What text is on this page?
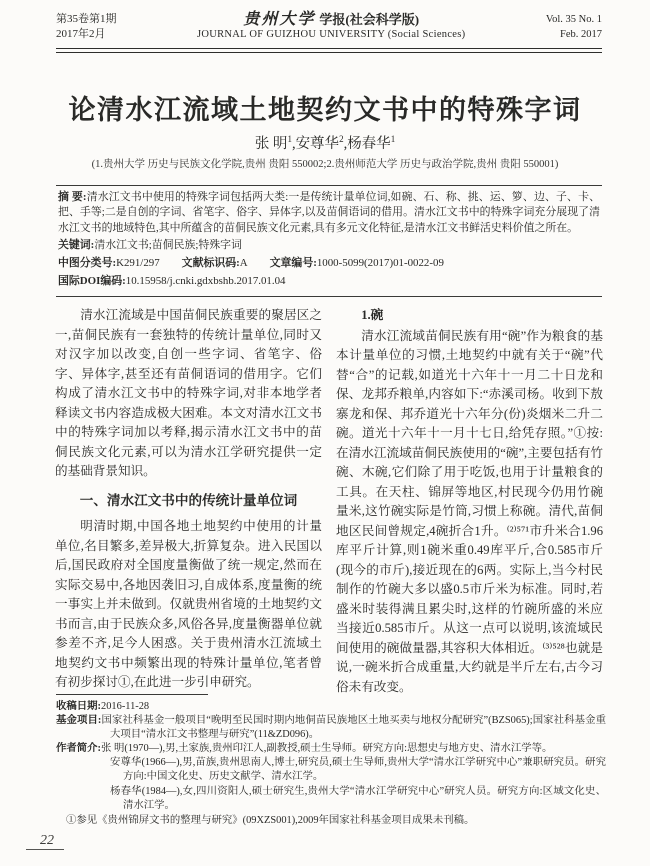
第35卷第1期
2017年2月
贵州大学 学报(社会科学版)
JOURNAL OF GUIZHOU UNIVERSITY (Social Sciences)
Vol. 35 No. 1
Feb. 2017
论清水江流域土地契约文书中的特殊字词
张 明$^1$,安尊华$^2$,杨春华$^1$
(1.贵州大学 历史与民族文化学院,贵州 贵阳 550002;2.贵州师范大学 历史与政治学院,贵州 贵阳 550001)

摘 要:清水江文书中使用的特殊字词包括两大类:一是传统计量单位词,如碗、石、称、挑、运、箩、边、子、卡、把、手等;二是自创的字词、省笔字、俗字、异体字,以及苗侗语词的借用。清水江文书中的特殊字词充分展现了清水江文书的地域特色,其中所蕴含的苗侗民族文化元素,具有多元文化特征,是清水江文书鲜活史料价值之所在。

关键词:清水江文书;苗侗民族;特殊字词

中图分类号:K291/297 文献标识码:A 文章编号:1000-5099(2017)01-0022-09

国际DOI编码:10.15958/j.cnki.gdxbshb.2017.01.04

清水江流域是中国苗侗民族重要的聚居区之一,苗侗民族有一套独特的传统计量单位,同时又对汉字加以改变,自创一些字词、省笔字、俗字、异体字,甚至还有苗侗语词的借用字。它们构成了清水江文书中的特殊字词,对非本地学者释读文书内容造成极大困难。本文对清水江文书中的特殊字词加以考释,揭示清水江文书中的苗侗民族文化元素,可以为清水江学研究提供一定的基础背景知识。

一、清水江文书中的传统计量单位词

明清时期,中国各地土地契约中使用的计量单位,名目繁多,差异极大,折算复杂。进入民国以后,国民政府对全国度量衡做了统一规定,然而在实际交易中,各地因袭旧习,自成体系,度量衡的统一事实上并未做到。仅就贵州省境的土地契约文书而言,由于民族众多,风俗各异,度量衡器单位就参差不齐,足今人困惑。关于贵州清水江流域土地契约文书中频繁出现的特殊计量单位,笔者曾有初步探讨①,在此进一步引申研究。

1.碗

清水江流域苗侗民族有用“碗”作为粮食的基本计量单位的习惯,土地契约中就有关于“碗”代替“合”的记载,如道光十六年十一月二十日龙和保、龙邦乔粮单,内容如下:“赤溪司杨。收到下敖寨龙和保、邦乔道光十六年分(份)炎烟米二升二碗。道光十六年十一月十七日,给凭存照。”①按:在清水江流域苗侗民族使用的“碗”,主要包括有竹碗、木碗,它们除了用于吃饭,也用于计量粮食的工具。在天柱、锦屏等地区,村民现今仍用竹碗量米,这竹碗实际是竹筒,习惯上称碗。清代,苗侗地区民间曾规定,4碗折合1升。⁽²⁾⁵⁷¹市升米合1.96库平斤计算,则1碗米重0.49库平斤,合0.585市斤(现今的市斤),接近现在的6两。实际上,当今村民制作的竹碗大多以盛0.5市斤米为标准。同时,若盛米时装得满且累尖时,这样的竹碗所盛的米应当接近0.585市斤。从这一点可以说明,该流域民间使用的碗做量器,其容积大体相近。⁽³⁾⁵²⁸也就是说,一碗米折合成重量,大约就是半斤左右,古今习俗未有改变。

收稿日期:2016-11-28

基金项目:国家社科基金一般项目“晚明至民国时期内地侗苗民族地区土地买卖与地权分配研究”(BZS065);国家社科基金重大项目“清水江文书整理与研究”(11&ZD096)。

作者简介:张 明(1970—),男,土家族,贵州印江人,副教授,硕士生导师。研究方向:思想史与地方史、清水江学等。

安尊华(1966—),男,苗族,贵州思南人,博士,研究员,硕士生导师,贵州大学“清水江学研究中心”兼职研究员。研究方向:中国文化史、历史文献学、清水江学。

杨春华(1984—),女,四川资阳人,硕士研究生,贵州大学“清水江学研究中心”研究人员。研究方向:区域文化史、清水江学。

①参见《贵州锦屏文书的整理与研究》(09XZS001),2009年国家社科基金项目成果未刊稿。

22
